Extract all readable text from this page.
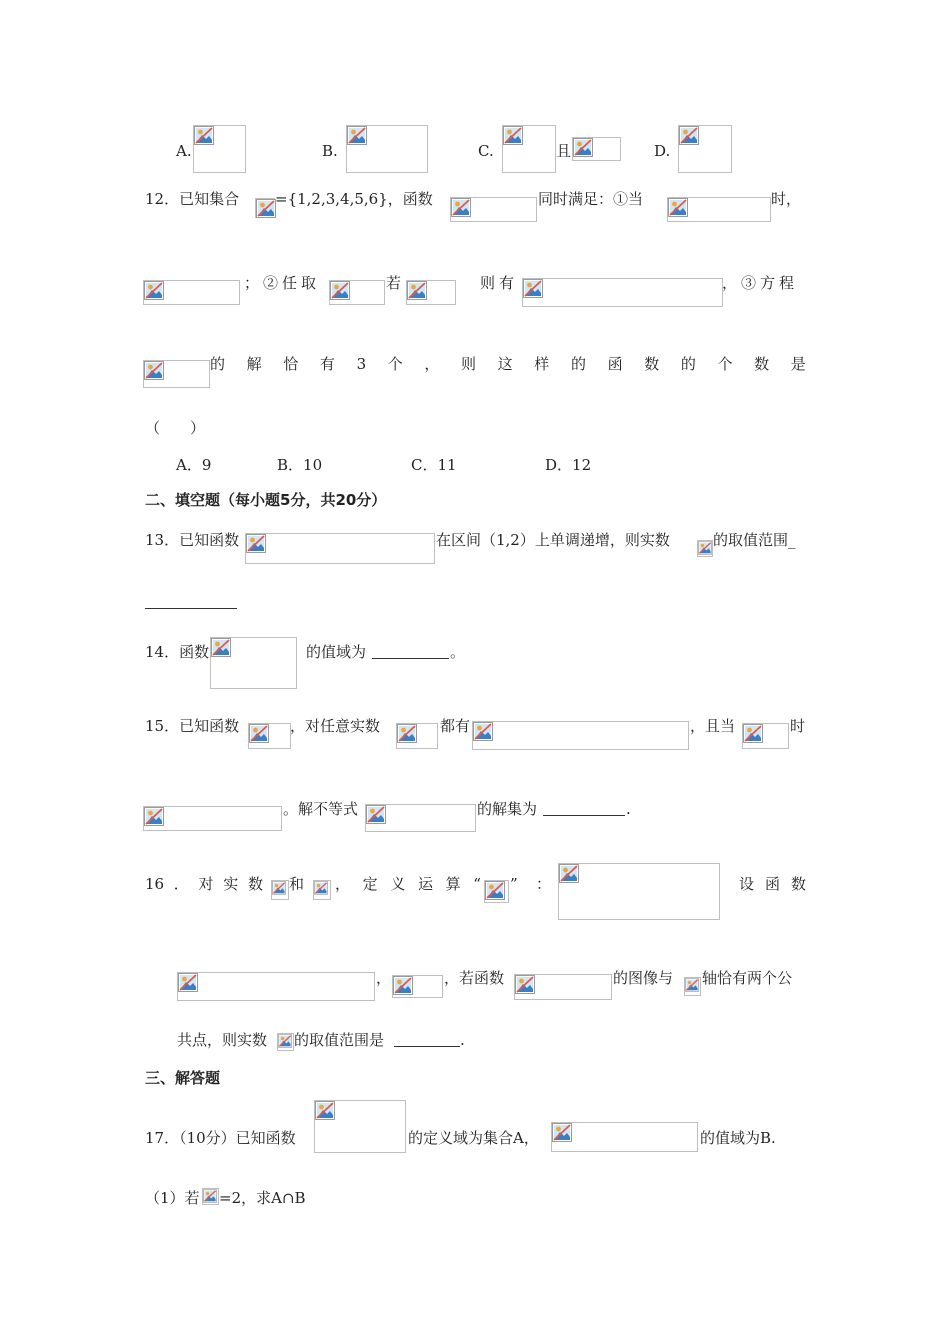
A.	B.	C.	且	D.
12．已知集合 ={1,2,3,4,5,6}，函数	同时满足：①当	时，
； ②任取	若	则有	，③方程
的 解 恰 有 3 个 ， 则 这 样 的 函 数 的 个 数 是
（　　）
A．9	B．10	C．11	D．12
二、填空题（每小题5分，共20分）
13．已知函数	在区间（1,2）上单调递增，则实数	的取值范围_
14．函数	的值域为	。
15．已知函数	，对任意实数	都有	，且当	时
。解不等式	的解集为	.
16 ． 对 实 数 和 ， 定 义 运 算 “ ” ：	设 函 数
，	，若函数	的图像与 轴恰有两个公
共点，则实数 的取值范围是	.
三、解答题
17．（10分）已知函数	的定义域为集合A，	的值域为B.
（1）若 =2，求A∩B
